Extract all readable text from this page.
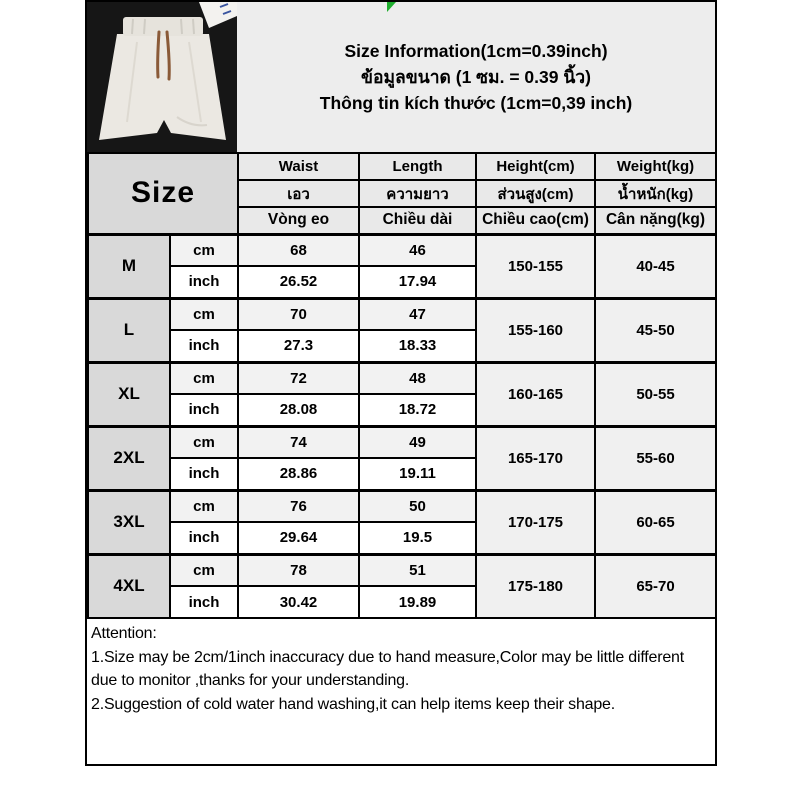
Size Information(1cm=0.39inch)
ข้อมูลขนาด (1 ซม. = 0.39 นิ้ว)
Thông tin kích thước (1cm=0,39 inch)
Size		Waist	Length	Height(cm)	Weight(kg)
		เอว	ความยาว	ส่วนสูง(cm)	น้ำหนัก(kg)
		Vòng eo	Chiều dài	Chiều cao(cm)	Cân nặng(kg)
M	cm	68	46	150-155	40-45
	inch	26.52	17.94		
L	cm	70	47	155-160	45-50
	inch	27.3	18.33		
XL	cm	72	48	160-165	50-55
	inch	28.08	18.72		
2XL	cm	74	49	165-170	55-60
	inch	28.86	19.11		
3XL	cm	76	50	170-175	60-65
	inch	29.64	19.5		
4XL	cm	78	51	175-180	65-70
	inch	30.42	19.89		

Attention:

1.Size may be 2cm/1inch inaccuracy due to hand measure,Color may be little different due to monitor ,thanks for your understanding.

2.Suggestion of cold water hand washing,it can help items keep their shape.
